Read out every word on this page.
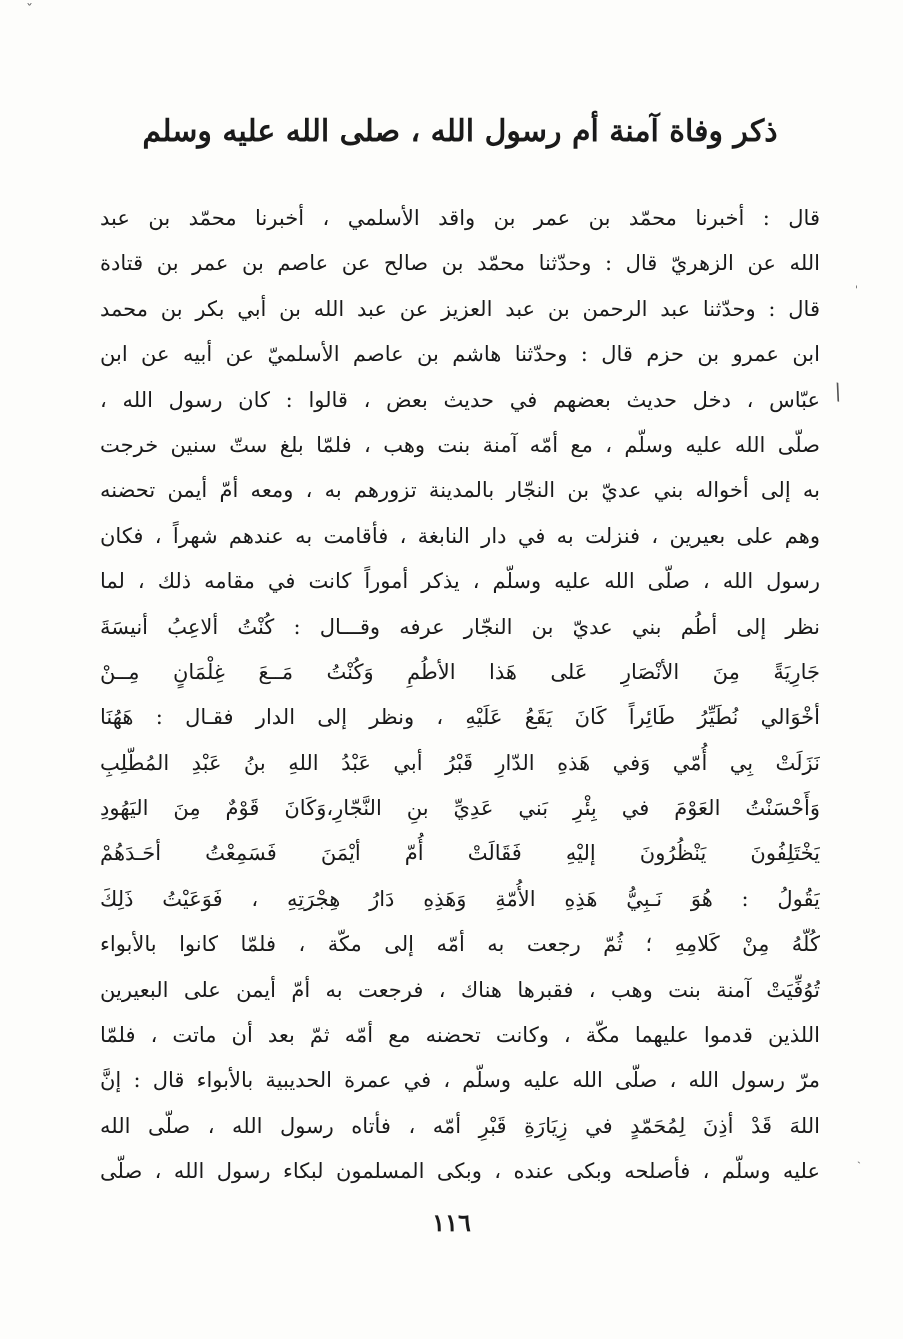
ˇ
\
'
ˏ
ذكر وفاة آمنة أم رسول الله ، صلى الله عليه وسلم
قال : أخبرنا محمّد بن عمر بن واقد الأسلمي ، أخبرنا محمّد بن عبد
الله عن الزهريّ قال : وحدّثنا محمّد بن صالح عن عاصم بن عمر بن قتادة
قال : وحدّثنا عبد الرحمن بن عبد العزيز عن عبد الله بن أبي بكر بن محمد
ابن عمرو بن حزم قال : وحدّثنا هاشم بن عاصم الأسلميّ عن أبيه عن ابن
عبّاس ، دخل حديث بعضهم في حديث بعض ، قالوا : كان رسول الله ،
صلّى الله عليه وسلّم ، مع أمّه آمنة بنت وهب ، فلمّا بلغ ستّ سنين خرجت
به إلى أخواله بني عديّ بن النجّار بالمدينة تزورهم به ، ومعه أمّ أيمن تحضنه
وهم على بعيرين ، فنزلت به في دار النابغة ، فأقامت به عندهم شهراً ، فكان
رسول الله ، صلّى الله عليه وسلّم ، يذكر أموراً كانت في مقامه ذلك ، لما
نظر إلى أطُم بني عديّ بن النجّار عرفه وقـــال : كُنْتُ ألاعِبُ أنيسَةَ
جَارِيَةً مِنَ الأنْصَارِ عَلى هَذا الأطُمِ وَكُنْتُ مَــعَ غِلْمَانٍ مِــنْ
أخْوَالي نُطَيِّرُ طَائِراً كَانَ يَقَعُ عَلَيْهِ ، ونظر إلى الدار فقـال : هَهُنَا
نَزَلَتْ بِي أُمّي وَفي هَذهِ الدّارِ قَبْرُ أبي عَبْدُ اللهِ بنُ عَبْدِ المُطّلِبِ
وَأَحْسَنْتُ العَوْمَ في بِئْرِ بَني عَدِيِّ بنِ النَّجّارِ،وَكَانَ قَوْمٌ مِنَ اليَهُودِ
يَخْتَلِفُونَ يَنْظُرُونَ إليْهِ فَقَالَتْ أُمّ أيْمَنَ فَسَمِعْتُ أحَـدَهُمْ
يَقُولُ : هُوَ نَـبِيُّ هَذِهِ الأُمّةِ وَهَذِهِ دَارُ هِجْرَتِهِ ، فَوَعَيْتُ ذَلِكَ
كُلّهُ مِنْ كَلامِهِ ؛ ثُمّ رجعت به أمّه إلى مكّة ، فلمّا كانوا بالأبواء
تُوُفِّيَتْ آمنة بنت وهب ، فقبرها هناك ، فرجعت به أمّ أيمن على البعيرين
اللذين قدموا عليهما مكّة ، وكانت تحضنه مع أمّه ثمّ بعد أن ماتت ، فلمّا
مرّ رسول الله ، صلّى الله عليه وسلّم ، في عمرة الحديبية بالأبواء قال : إنَّ
اللهَ قَدْ أذِنَ لِمُحَمّدٍ في زِيَارَةِ قَبْرِ أمّه ، فأتاه رسول الله ، صلّى الله
عليه وسلّم ، فأصلحه وبكى عنده ، وبكى المسلمون لبكاء رسول الله ، صلّى
١١٦
